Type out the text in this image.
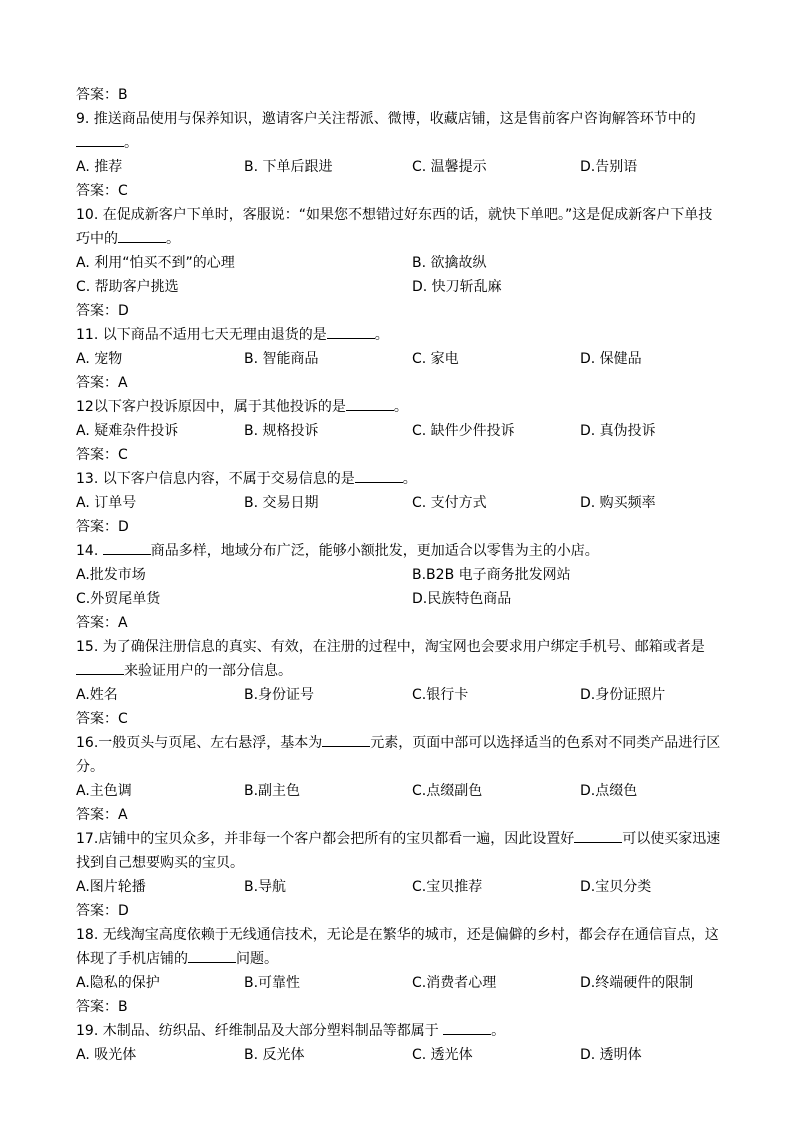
答案：B
9. 推送商品使用与保养知识，邀请客户关注帮派、微博，收藏店铺，这是售前客户咨询解答环节中的。
A. 推荐	B. 下单后跟进	C. 温馨提示	D.告别语
答案：C
10. 在促成新客户下单时，客服说：“如果您不想错过好东西的话，就快下单吧。”这是促成新客户下单技巧中的	。
A. 利用“怕买不到”的心理	B. 欲擒故纵
C. 帮助客户挑选	D. 快刀斩乱麻
答案：D
11. 以下商品不适用七天无理由退货的是	。
A. 宠物	B. 智能商品	C. 家电	D. 保健品
答案：A
12以下客户投诉原因中，属于其他投诉的是	。
A. 疑难杂件投诉	B. 规格投诉	C. 缺件少件投诉	D. 真伪投诉
答案：C
13. 以下客户信息内容，不属于交易信息的是	。
A. 订单号	B. 交易日期	C. 支付方式	D. 购买频率
答案：D
14.	商品多样，地域分布广泛，能够小额批发，更加适合以零售为主的小店。
A.批发市场	B.B2B 电子商务批发网站
C.外贸尾单货	D.民族特色商品
答案：A
15. 为了确保注册信息的真实、有效，在注册的过程中，淘宝网也会要求用户绑定手机号、邮箱或者是来验证用户的一部分信息。
A.姓名	B.身份证号	C.银行卡	D.身份证照片
答案：C
16.一般页头与页尾、左右悬浮，基本为	元素，页面中部可以选择适当的色系对不同类产品进行区分。
A.主色调	B.副主色	C.点缀副色	D.点缀色
答案：A
17.店铺中的宝贝众多，并非每一个客户都会把所有的宝贝都看一遍，因此设置好	可以使买家迅速找到自己想要购买的宝贝。
A.图片轮播	B.导航	C.宝贝推荐	D.宝贝分类
答案：D
18. 无线淘宝高度依赖于无线通信技术，无论是在繁华的城市，还是偏僻的乡村，都会存在通信盲点，这体现了手机店铺的	问题。
A.隐私的保护	B.可靠性	C.消费者心理	D.终端硬件的限制
答案：B
19. 木制品、纺织品、纤维制品及大部分塑料制品等都属于	。
A. 吸光体	B. 反光体	C. 透光体	D. 透明体
